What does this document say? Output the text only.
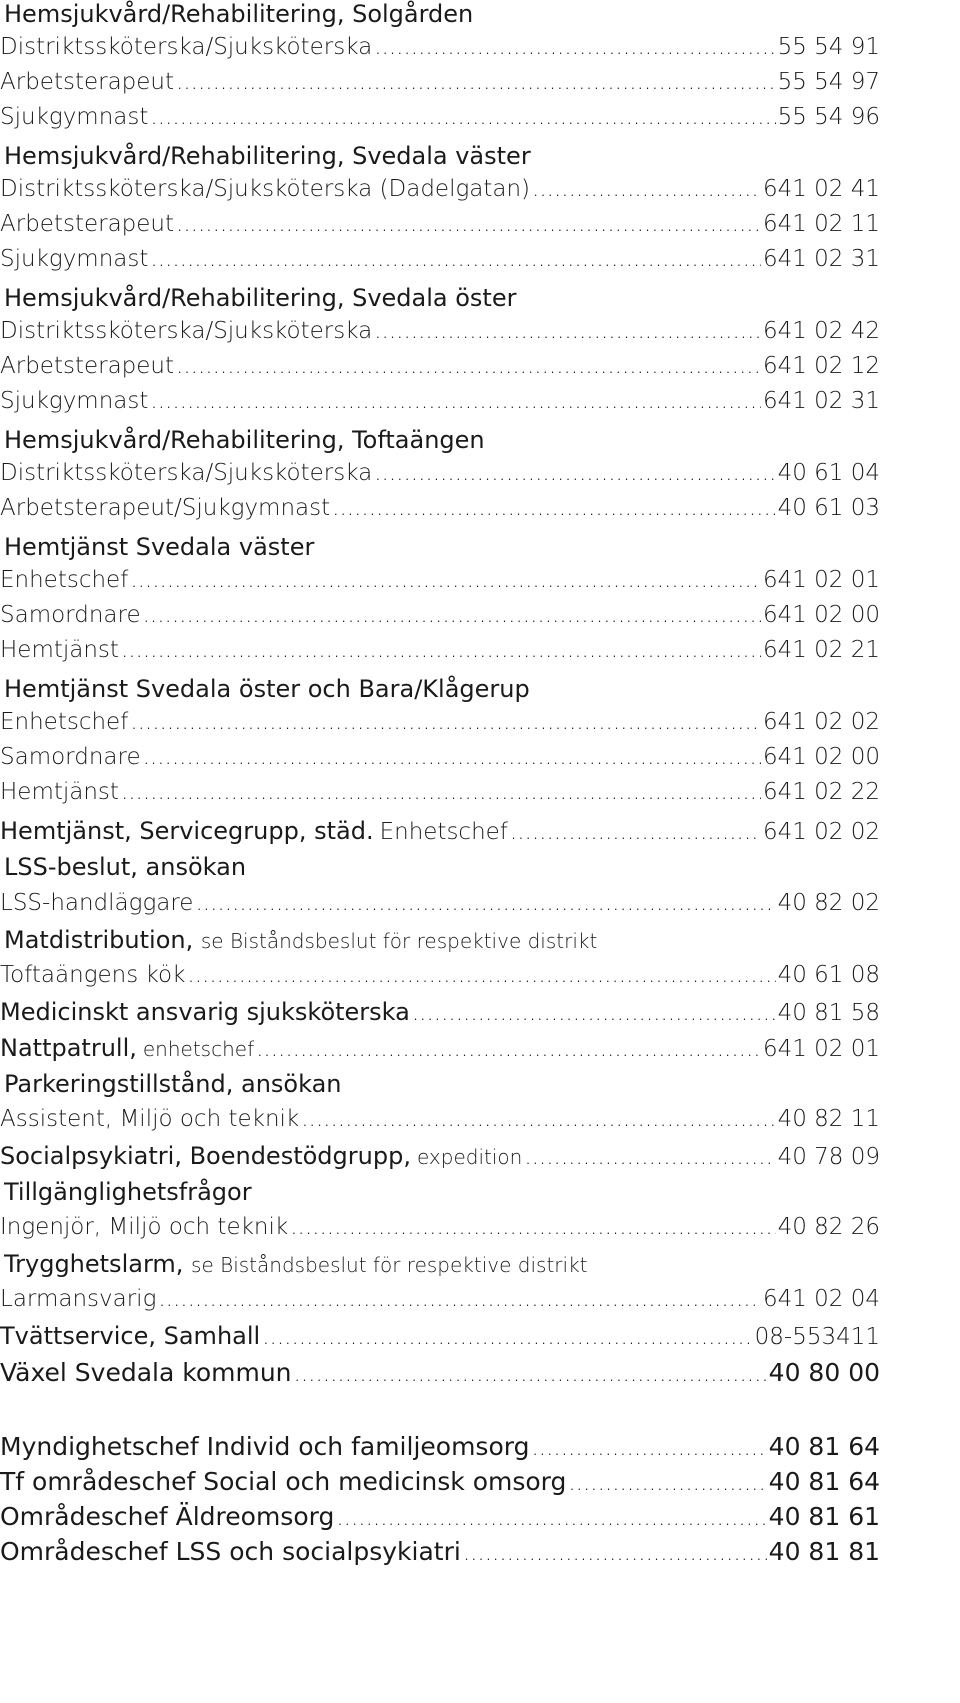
Hemsjukvård/Rehabilitering, Solgården
Distriktssköterska/Sjuksköterska .....	55 54 91
Arbetsterapeut .....	55 54 97
Sjukgymnast .....	55 54 96
Hemsjukvård/Rehabilitering, Svedala väster
Distriktssköterska/Sjuksköterska (Dadelgatan) .....	641 02 41
Arbetsterapeut .....	641 02 11
Sjukgymnast .....	641 02 31
Hemsjukvård/Rehabilitering, Svedala öster
Distriktssköterska/Sjuksköterska .....	641 02 42
Arbetsterapeut .....	641 02 12
Sjukgymnast .....	641 02 31
Hemsjukvård/Rehabilitering, Toftaängen
Distriktssköterska/Sjuksköterska .....	40 61 04
Arbetsterapeut/Sjukgymnast .....	40 61 03
Hemtjänst Svedala väster
Enhetschef .....	641 02 01
Samordnare .....	641 02 00
Hemtjänst .....	641 02 21
Hemtjänst Svedala öster och Bara/Klågerup
Enhetschef .....	641 02 02
Samordnare .....	641 02 00
Hemtjänst .....	641 02 22
Hemtjänst, Servicegrupp, städ. Enhetschef .....	641 02 02
LSS-beslut, ansökan
LSS-handläggare .....	40 82 02
Matdistribution, se Biståndsbeslut för respektive distrikt
Toftaängens kök .....	40 61 08
Medicinskt ansvarig sjuksköterska .....	40 81 58
Nattpatrull, enhetschef .....	641 02 01
Parkeringstillstånd, ansökan
Assistent, Miljö och teknik .....	40 82 11
Socialpsykiatri, Boendestödgrupp, expedition .....	40 78 09
Tillgänglighetsfrågor
Ingenjör, Miljö och teknik .....	40 82 26
Trygghetslarm, se Biståndsbeslut för respektive distrikt
Larmansvarig .....	641 02 04
Tvättservice, Samhall .....	08-553411
Växel Svedala kommun .....	40 80 00
Myndighetschef Individ och familjeomsorg .....	40 81 64
Tf områdeschef Social och medicinsk omsorg .....	40 81 64
Områdeschef Äldreomsorg .....	40 81 61
Områdeschef LSS och socialpsykiatri .....	40 81 81
